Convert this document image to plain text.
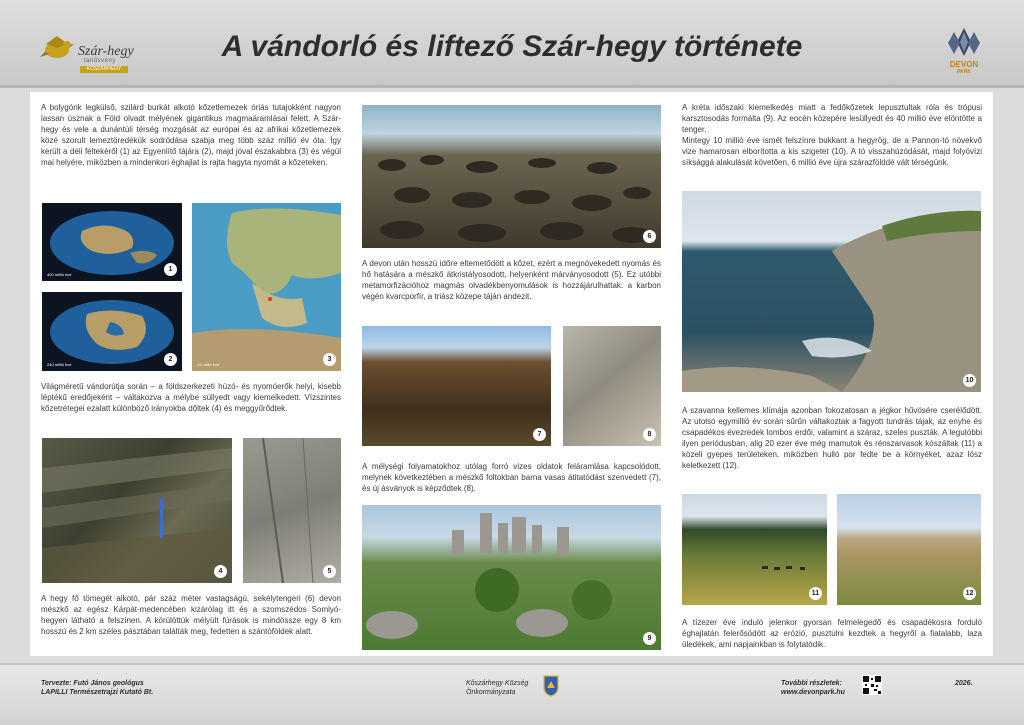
Szár-hegy
tanösvény
KŐSZÁRHEGY
A vándorló és liftező Szár-hegy története
DEVON
PARK
A bolygónk legkülső, szilárd burkát alkotó kőzetlemezek óriás tutajokként nagyon lassan úsznak a Föld olvadt mélyének gigantikus magmaáramlásai felett. A Szár-hegy és vele a dunántúli térség mozgását az európai és az afrikai kőzetlemezek közé szorult lemeztöredékük sodródása szabja meg több száz millió év óta. Így került a déli féltekéről (1) az Egyenlítő tájára (2), majd jóval északabbra (3) és végül mai helyére, miközben a mindenkori éghajlat is rajta hagyta nyomát a kőzeteken.
400 millió éve
1
240 millió éve
2
15 millió éve
3
Világméretű vándorútja során – a földszerkezeti húzó- és nyomóerők helyi, kisebb léptékű eredőjeként – váltakozva a mélybe süllyedt vagy kiemelkedett. Vízszintes kőzetrétegei ezalatt különböző irányokba dőltek (4) és meggyűrődtek.
4	5
A hegy fő tömegét alkotó, pár száz méter vastagságú, sekélytengeri (6) devon mészkő az egész Kárpát-medencében kizárólag itt és a szomszédos Somlyó-hegyen látható a felszínen. A körülöttük mélyült fúrások is mindössze egy 8 km hosszú és 2 km széles pásztában találták meg, fedetten a szántóföldek alatt.
6
A devon után hosszú időre eltemetődött a kőzet, ezért a megnövekedett nyomás és hő hatására a mészkő átkristályosodott, helyenként márványosodott (5). Ez utóbbi metamorfizációhoz magmás olvadékbenyomulások is hozzájárulhattak: a karbon végén kvarcporfír, a triász közepe táján andezit.
7	8
A mélységi folyamatokhoz utólag forró vizes oldatok feláramlása kapcsolódott, melynek következtében a mészkő foltokban barna vasas átitatódást szenvedett (7), és új ásványok is képződtek (8).
9
A kréta időszaki kiemelkedés miatt a fedőkőzetek lepusztultak róla és trópusi karsztosodás formálta (9). Az eocén közepére lesüllyedt és 40 millió éve elöntötte a tenger.
Mintegy 10 millió éve ismét felszínre bukkant a hegyrög, de a Pannon-tó növekvő vize hamarosan elborította a kis szigetet (10). A tó visszahúzódását, majd folyóvízi síksággá alakulását követően, 6 millió éve újra szárazfölddé vált térségünk.
10
A szavanna kellemes klímája azonban fokozatosan a jégkor hűvösére cserélődött. Az utolsó egymillió év során sűrűn váltakoztak a fagyott tundrás tájak, az enyhe és csapadékos évezredek lombos erdői, valamint a száraz, szeles puszták. A legutóbbi ilyen periódusban, alig 20 ezer éve még mamutok és rénszarvasok kószáltak (11) a közeli gyepes területeken, miközben hulló por fedte be a környéket, azaz lösz keletkezett (12).
11	12
A tízezer éve induló jelenkor gyorsan felmelegedő és csapadékosra forduló éghajlatán felerősödött az erózió, pusztulni kezdtek a hegyről a fiatalabb, laza üledékek, ami napjainkban is folytatódik.
Tervezte: Futó János geológus
LAPILLI Természetrajzi Kutató Bt.
Kőszárhegy Község
Önkormányzata
További részletek:
www.devonpark.hu
2026.
